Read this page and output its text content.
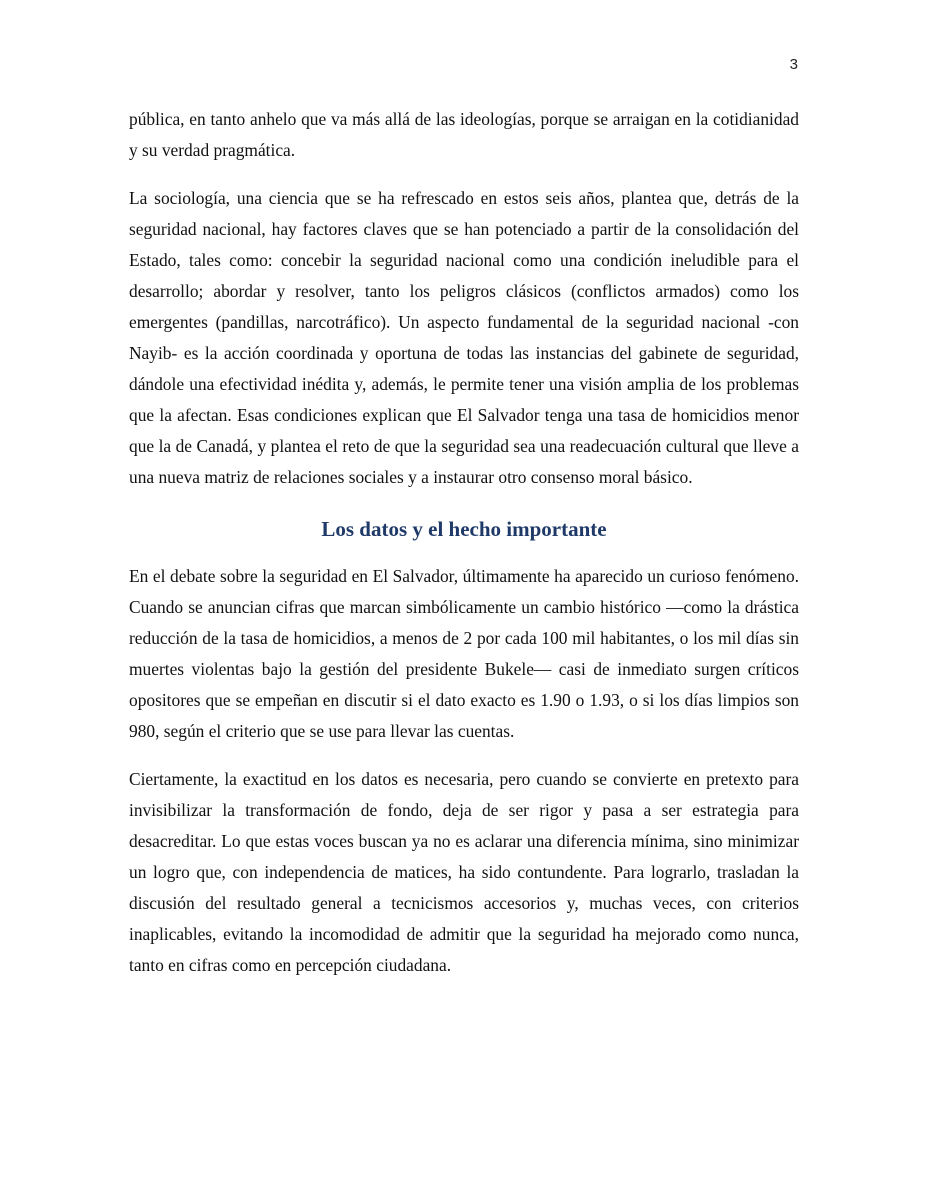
3

pública, en tanto anhelo que va más allá de las ideologías, porque se arraigan en la cotidianidad y su verdad pragmática.

La sociología, una ciencia que se ha refrescado en estos seis años, plantea que, detrás de la seguridad nacional, hay factores claves que se han potenciado a partir de la consolidación del Estado, tales como: concebir la seguridad nacional como una condición ineludible para el desarrollo; abordar y resolver, tanto los peligros clásicos (conflictos armados) como los emergentes (pandillas, narcotráfico). Un aspecto fundamental de la seguridad nacional -con Nayib- es la acción coordinada y oportuna de todas las instancias del gabinete de seguridad, dándole una efectividad inédita y, además, le permite tener una visión amplia de los problemas que la afectan. Esas condiciones explican que El Salvador tenga una tasa de homicidios menor que la de Canadá, y plantea el reto de que la seguridad sea una readecuación cultural que lleve a una nueva matriz de relaciones sociales y a instaurar otro consenso moral básico.

Los datos y el hecho importante

En el debate sobre la seguridad en El Salvador, últimamente ha aparecido un curioso fenómeno. Cuando se anuncian cifras que marcan simbólicamente un cambio histórico —como la drástica reducción de la tasa de homicidios, a menos de 2 por cada 100 mil habitantes, o los mil días sin muertes violentas bajo la gestión del presidente Bukele— casi de inmediato surgen críticos opositores que se empeñan en discutir si el dato exacto es 1.90 o 1.93, o si los días limpios son 980, según el criterio que se use para llevar las cuentas.

Ciertamente, la exactitud en los datos es necesaria, pero cuando se convierte en pretexto para invisibilizar la transformación de fondo, deja de ser rigor y pasa a ser estrategia para desacreditar. Lo que estas voces buscan ya no es aclarar una diferencia mínima, sino minimizar un logro que, con independencia de matices, ha sido contundente. Para lograrlo, trasladan la discusión del resultado general a tecnicismos accesorios y, muchas veces, con criterios inaplicables, evitando la incomodidad de admitir que la seguridad ha mejorado como nunca, tanto en cifras como en percepción ciudadana.
